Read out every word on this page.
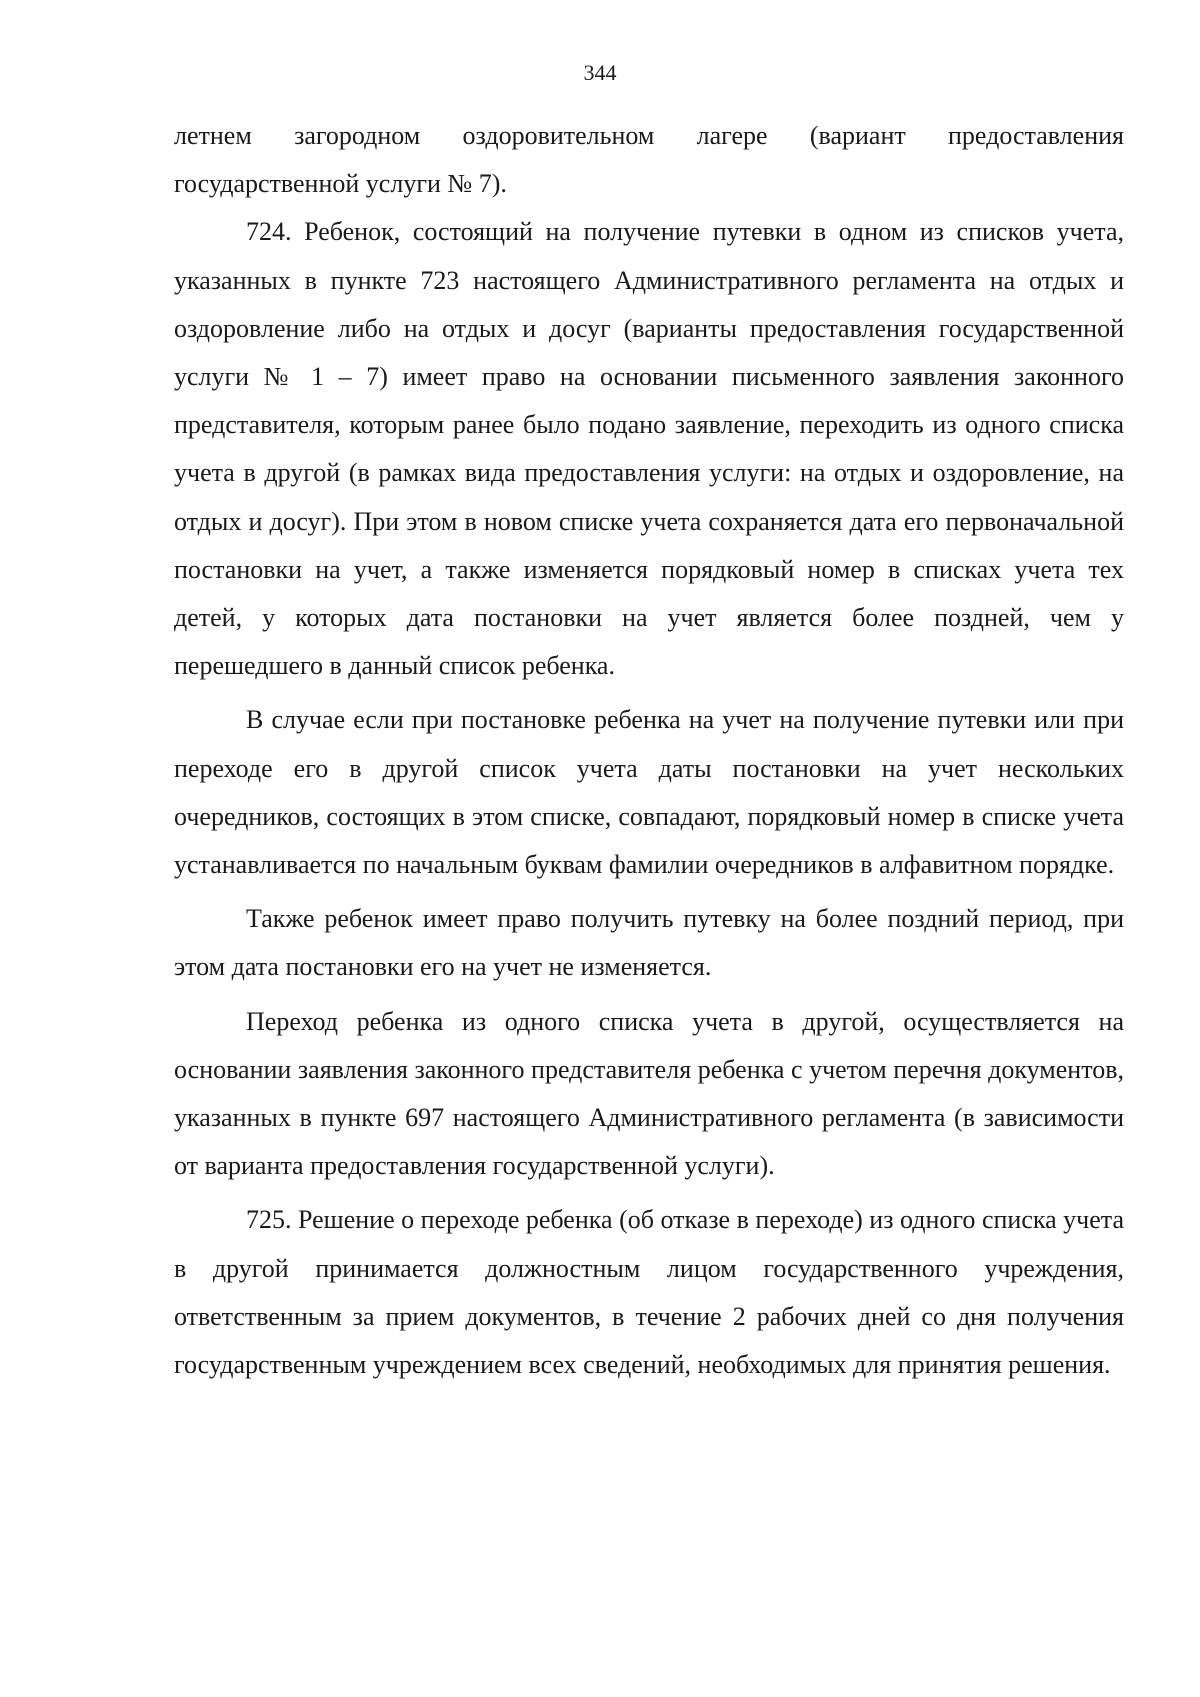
344

летнем загородном оздоровительном лагере (вариант предоставления государственной услуги № 7).

724. Ребенок, состоящий на получение путевки в одном из списков учета, указанных в пункте 723 настоящего Административного регламента на отдых и оздоровление либо на отдых и досуг (варианты предоставления государственной услуги № 1 – 7) имеет право на основании письменного заявления законного представителя, которым ранее было подано заявление, переходить из одного списка учета в другой (в рамках вида предоставления услуги: на отдых и оздоровление, на отдых и досуг). При этом в новом списке учета сохраняется дата его первоначальной постановки на учет, а также изменяется порядковый номер в списках учета тех детей, у которых дата постановки на учет является более поздней, чем у перешедшего в данный список ребенка.

В случае если при постановке ребенка на учет на получение путевки или при переходе его в другой список учета даты постановки на учет нескольких очередников, состоящих в этом списке, совпадают, порядковый номер в списке учета устанавливается по начальным буквам фамилии очередников в алфавитном порядке.

Также ребенок имеет право получить путевку на более поздний период, при этом дата постановки его на учет не изменяется.

Переход ребенка из одного списка учета в другой, осуществляется на основании заявления законного представителя ребенка с учетом перечня документов, указанных в пункте 697 настоящего Административного регламента (в зависимости от варианта предоставления государственной услуги).

725. Решение о переходе ребенка (об отказе в переходе) из одного списка учета в другой принимается должностным лицом государственного учреждения, ответственным за прием документов, в течение 2 рабочих дней со дня получения государственным учреждением всех сведений, необходимых для принятия решения.
